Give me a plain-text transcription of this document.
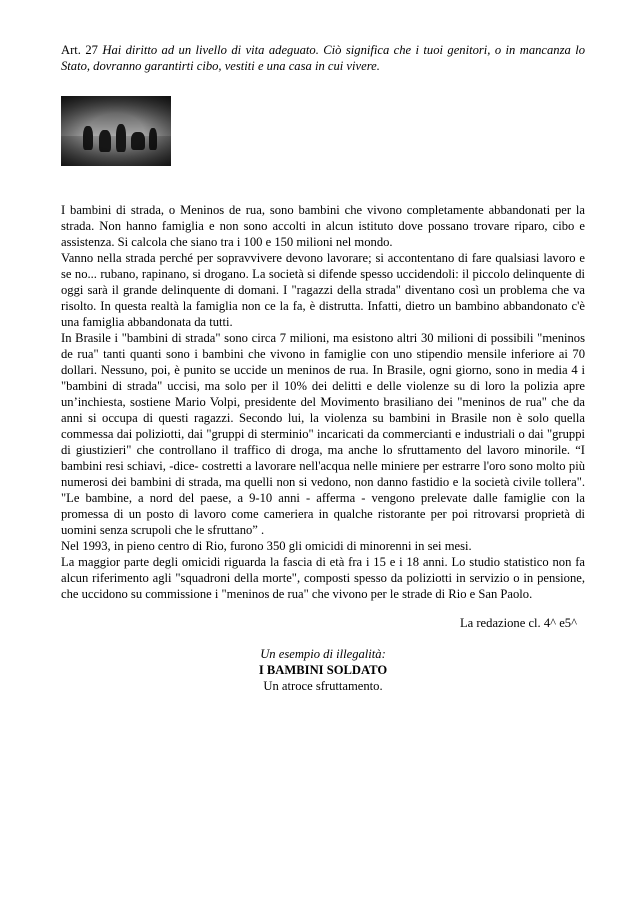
Art. 27 Hai diritto ad un livello di vita adeguato. Ciò significa che i tuoi genitori, o in mancanza lo Stato, dovranno garantirti cibo, vestiti e una casa in cui vivere.

I bambini di strada, o Meninos de rua, sono bambini che vivono completamente abbandonati per la strada. Non hanno famiglia e non sono accolti in alcun istituto dove possano trovare riparo, cibo e assistenza. Si calcola che siano tra i 100 e 150 milioni nel mondo.

Vanno nella strada perché per sopravvivere devono lavorare; si accontentano di fare qualsiasi lavoro e se no... rubano, rapinano, si drogano. La società si difende spesso uccidendoli: il piccolo delinquente di oggi sarà il grande delinquente di domani. I "ragazzi della strada" diventano così un problema che va risolto. In questa realtà la famiglia non ce la fa, è distrutta. Infatti, dietro un bambino abbandonato c'è una famiglia abbandonata da tutti.

In Brasile i "bambini di strada" sono circa 7 milioni, ma esistono altri 30 milioni di possibili "meninos de rua" tanti quanti sono i bambini che vivono in famiglie con uno stipendio mensile inferiore ai 70 dollari. Nessuno, poi, è punito se uccide un meninos de rua. In Brasile, ogni giorno, sono in media 4 i "bambini di strada" uccisi, ma solo per il 10% dei delitti e delle violenze su di loro la polizia apre un’inchiesta, sostiene Mario Volpi, presidente del Movimento brasiliano dei "meninos de rua" che da anni si occupa di questi ragazzi. Secondo lui, la violenza su bambini in Brasile non è solo quella commessa dai poliziotti, dai "gruppi di sterminio" incaricati da commercianti e industriali o dai "gruppi di giustizieri" che controllano il traffico di droga, ma anche lo sfruttamento del lavoro minorile. “I bambini resi schiavi, -dice- costretti a lavorare nell'acqua nelle miniere per estrarre l'oro sono molto più numerosi dei bambini di strada, ma quelli non si vedono, non danno fastidio e la società civile tollera". "Le bambine, a nord del paese, a 9-10 anni - afferma - vengono prelevate dalle famiglie con la promessa di un posto di lavoro come cameriera in qualche ristorante per poi ritrovarsi proprietà di uomini senza scrupoli che le sfruttano” .

Nel 1993, in pieno centro di Rio, furono 350 gli omicidi di minorenni in sei mesi.

La maggior parte degli omicidi riguarda la fascia di età fra i 15 e i 18 anni. Lo studio statistico non fa alcun riferimento agli "squadroni della morte", composti spesso da poliziotti in servizio o in pensione, che uccidono su commissione i "meninos de rua" che vivono per le strade di Rio e San Paolo.

La redazione cl. 4^ e5^
Un esempio di illegalità:
I BAMBINI SOLDATO
Un atroce sfruttamento.
